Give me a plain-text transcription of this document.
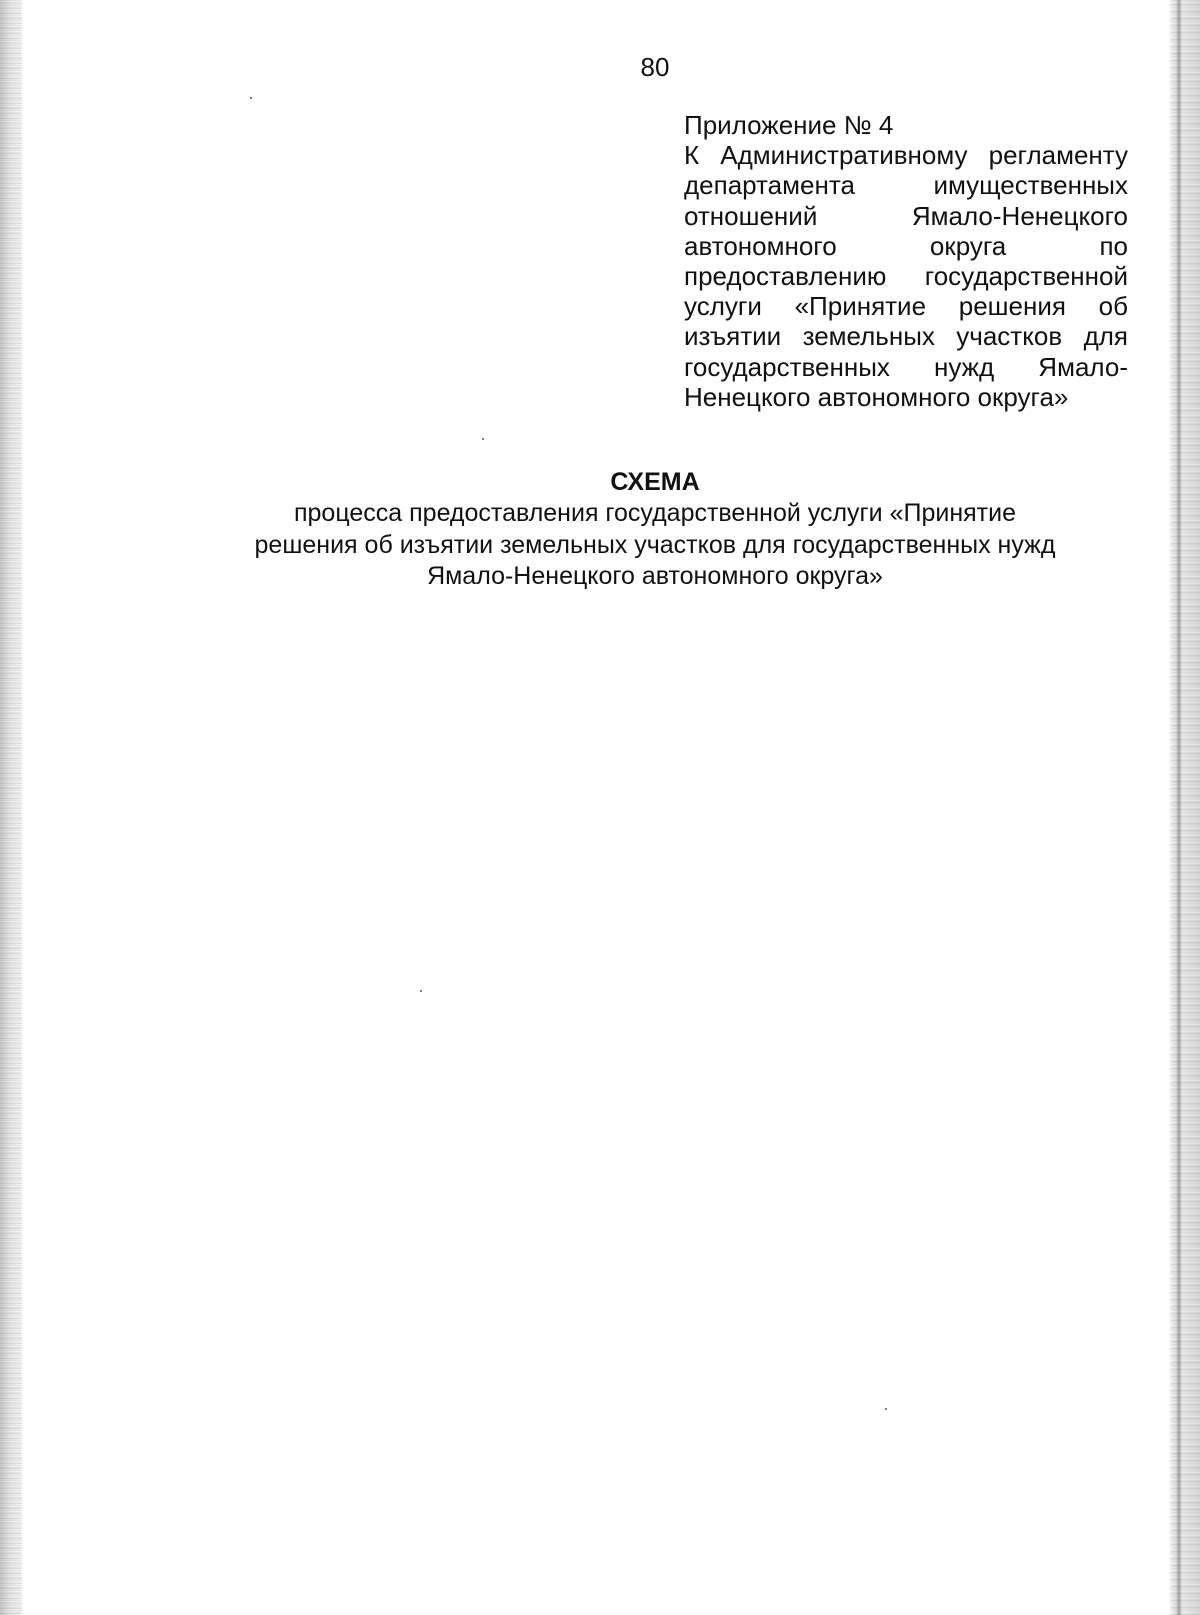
80
Приложение № 4
К Административному регламенту департамента имущественных отношений Ямало-Ненецкого автономного округа по предоставлению государственной услуги «Принятие решения об изъятии земельных участков для государственных нужд Ямало-Ненецкого автономного округа»
СХЕМА
процесса предоставления государственной услуги «Принятие
решения об изъятии земельных участков для государственных нужд
Ямало-Ненецкого автономного округа»
